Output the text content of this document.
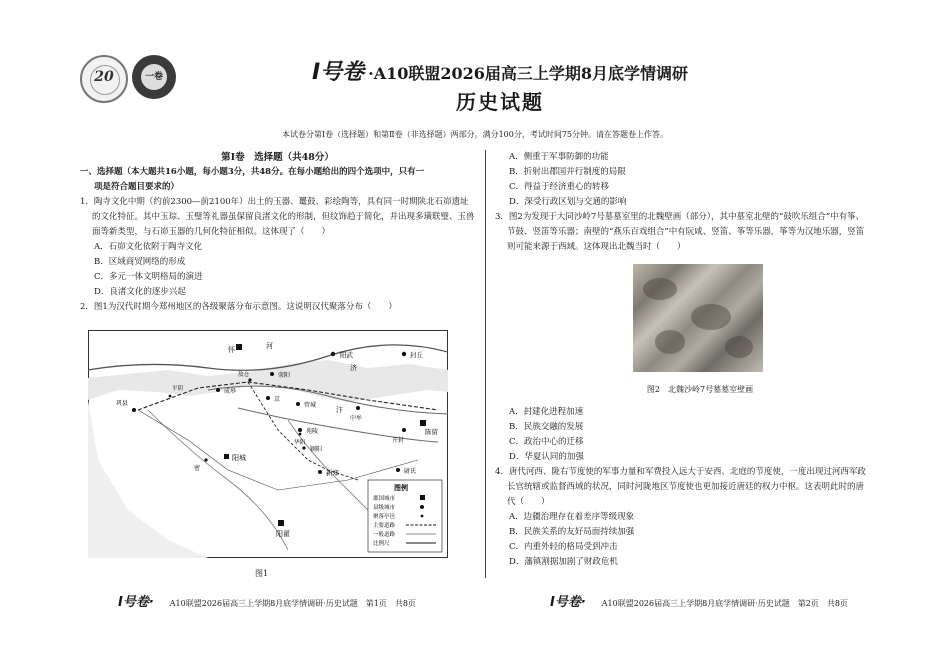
20	一卷	I号卷 ·A10联盟2026届高三上学期8月底学情调研
历史试题
本试卷分第Ⅰ卷（选择题）和第Ⅱ卷（非选择题）两部分。满分100分，考试时间75分钟。请在答题卷上作答。
第Ⅰ卷　选择题（共48分）
一、选择题（本大题共16小题，每小题3分，共48分。在每小题给出的四个选项中，只有一
项是符合题目要求的）
1．陶寺文化中期（约前2300—前2100年）出土的玉器、鼍鼓、彩绘陶等，具有同一时期陕北石峁遗址的文化特征。其中玉琮、玉璧等礼器虽保留良渚文化的形制，但纹饰趋于简化，并出现多璜联璧、玉兽面等新类型，与石峁玉器的几何化特征相似。这体现了（　　）
A．石峁文化依附于陶寺文化
B．区域商贸网络的形成
C．多元一体文明格局的演进
D．良渚文化的逐步兴起
2．图1为汉代时期今郑州地区的各级聚落分布示意图。这说明汉代聚落分布（　　）
河
济
汴
怀
阳武	封丘
荥阳
成皋
京
敖仓
管城
中牟
苑陵
新郑
阳城
巩县
密	尉氏
开封
陈留
颍阳
阳翟
华阳
平阴
图例
郡国城市
县级城市
聚落亭邑
主要道路
一般道路
比例尺
图1
A．侧重于军事防御的功能
B．折射出郡国并行制度的局限
C．得益于经济重心的转移
D．深受行政区划与交通的影响
3．图2为发现于大同沙岭7号墓墓室里的北魏壁画（部分），其中墓室北壁的“鼓吹乐组合”中有筝、节鼓、竖笛等乐器；南壁的“燕乐百戏组合”中有阮咸、竖笛、筝等乐器，筝等为汉地乐器，竖笛则可能来源于西域。这体现出北魏当时（　　）
A．封建化进程加速
B．民族交融的发展
C．政治中心的迁移
D．华夏认同的加强
4．唐代河西、陇右节度使的军事力量和军费投入远大于安西、北庭的节度使，一度出现过河西军政长官统辖或监督西域的状况，同时河陇地区节度使也更加接近唐廷的权力中枢。这表明此时的唐代（　　）
A．边疆治理存在着差序等级现象
B．民族关系的友好局面持续加强
C．内重外轻的格局受到冲击
D．藩镇割据加剧了财政危机
图2　北魏沙岭7号墓墓室壁画
I号卷· A10联盟2026届高三上学期8月底学情调研·历史试题　第1页　共8页	I号卷· A10联盟2026届高三上学期8月底学情调研·历史试题　第2页　共8页
